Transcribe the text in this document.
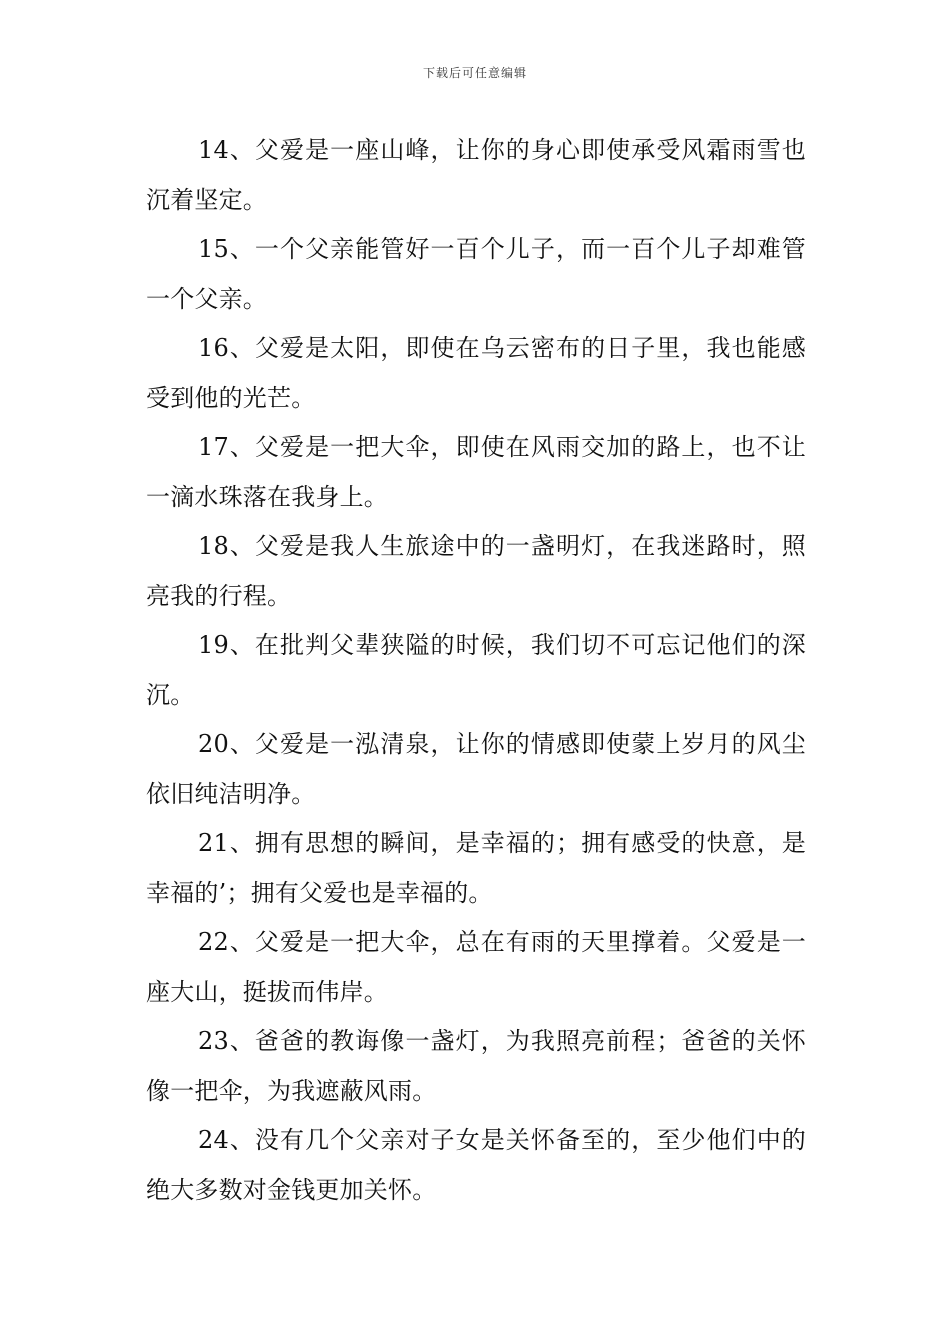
下载后可任意编辑

14、父爱是一座山峰，让你的身心即使承受风霜雨雪也沉着坚定。

15、一个父亲能管好一百个儿子，而一百个儿子却难管一个父亲。

16、父爱是太阳，即使在乌云密布的日子里，我也能感受到他的光芒。

17、父爱是一把大伞，即使在风雨交加的路上，也不让一滴水珠落在我身上。

18、父爱是我人生旅途中的一盏明灯，在我迷路时，照亮我的行程。

19、在批判父辈狭隘的时候，我们切不可忘记他们的深沉。

20、父爱是一泓清泉，让你的情感即使蒙上岁月的风尘依旧纯洁明净。

21、拥有思想的瞬间，是幸福的；拥有感受的快意，是幸福的’；拥有父爱也是幸福的。

22、父爱是一把大伞，总在有雨的天里撑着。父爱是一座大山，挺拔而伟岸。

23、爸爸的教诲像一盏灯，为我照亮前程；爸爸的关怀像一把伞，为我遮蔽风雨。

24、没有几个父亲对子女是关怀备至的，至少他们中的绝大多数对金钱更加关怀。
